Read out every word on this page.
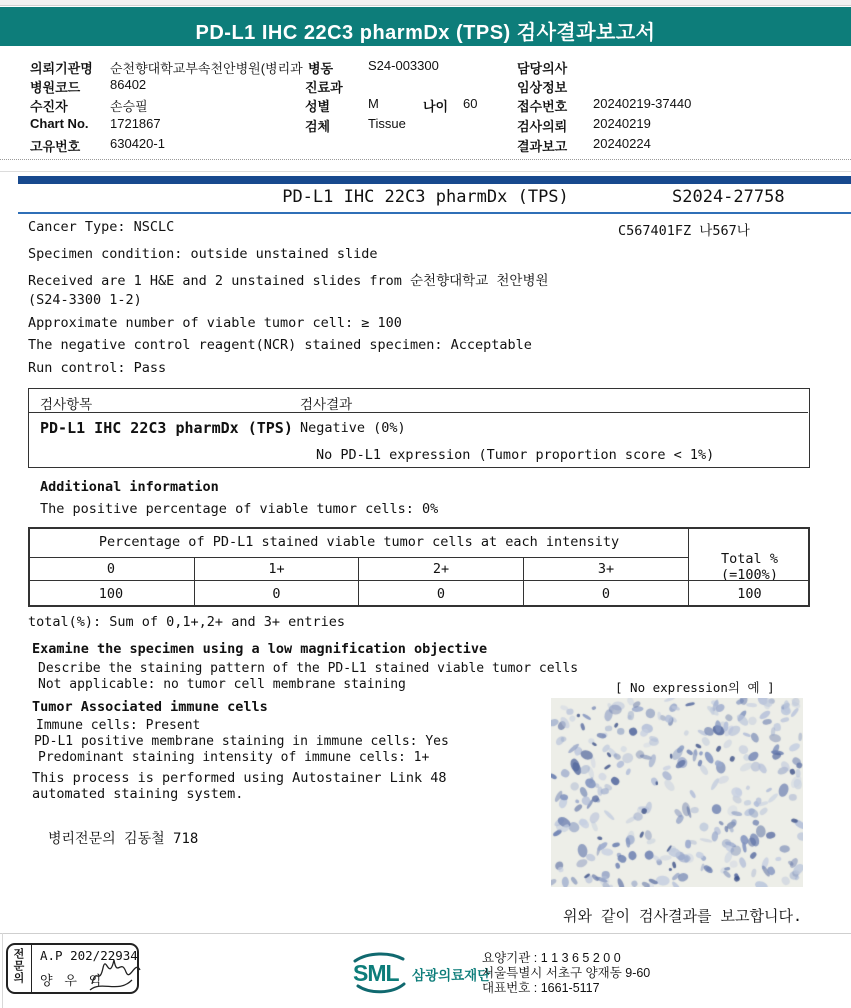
PD-L1 IHC 22C3 pharmDx (TPS) 검사결과보고서
의뢰기관명 순천향대학교부속천안병원(병리과 병동	S24-003300	담당의사
병원코드 86402	진료과	임상정보
수진자	손승필	성별	M	나이 60	접수번호 20240219-37440
Chart No. 1721867	검체	Tissue	검사의뢰 20240219
고유번호 630420-1	결과보고 20240224
PD-L1 IHC 22C3 pharmDx (TPS)	S2024-27758
Cancer Type: NSCLC	C567401FZ 나567나
Specimen condition: outside unstained slide
Received are 1 H&E and 2 unstained slides from 순천향대학교 천안병원
(S24-3300 1-2)
Approximate number of viable tumor cell: ≥ 100
The negative control reagent(NCR) stained specimen: Acceptable
Run control: Pass
검사항목	검사결과
PD-L1 IHC 22C3 pharmDx (TPS) Negative (0%)
No PD-L1 expression (Tumor proportion score < 1%)
Additional information
The positive percentage of viable tumor cells: 0%
Percentage of PD-L1 stained viable tumor cells at each intensity
Total %
(=100%)
0	1+	2+	3+
100	0	0	0	100
total(%): Sum of 0,1+,2+ and 3+ entries
Examine the specimen using a low magnification objective
Describe the staining pattern of the PD-L1 stained viable tumor cells
Not applicable: no tumor cell membrane staining	[ No expression의 예 ]
Tumor Associated immune cells
Immune cells: Present
PD-L1 positive membrane staining in immune cells: Yes
Predominant staining intensity of immune cells: 1+
This process is performed using Autostainer Link 48
automated staining system.
병리전문의 김동철 718
위와 같이 검사결과를 보고합니다.
전문의 A.P 202/22934
양 우 익	SML 삼광의료재단
요양기관 : 1 1 3 6 5 2 0 0
서울특별시 서초구 양재동 9-60
대표번호 : 1661-5117
